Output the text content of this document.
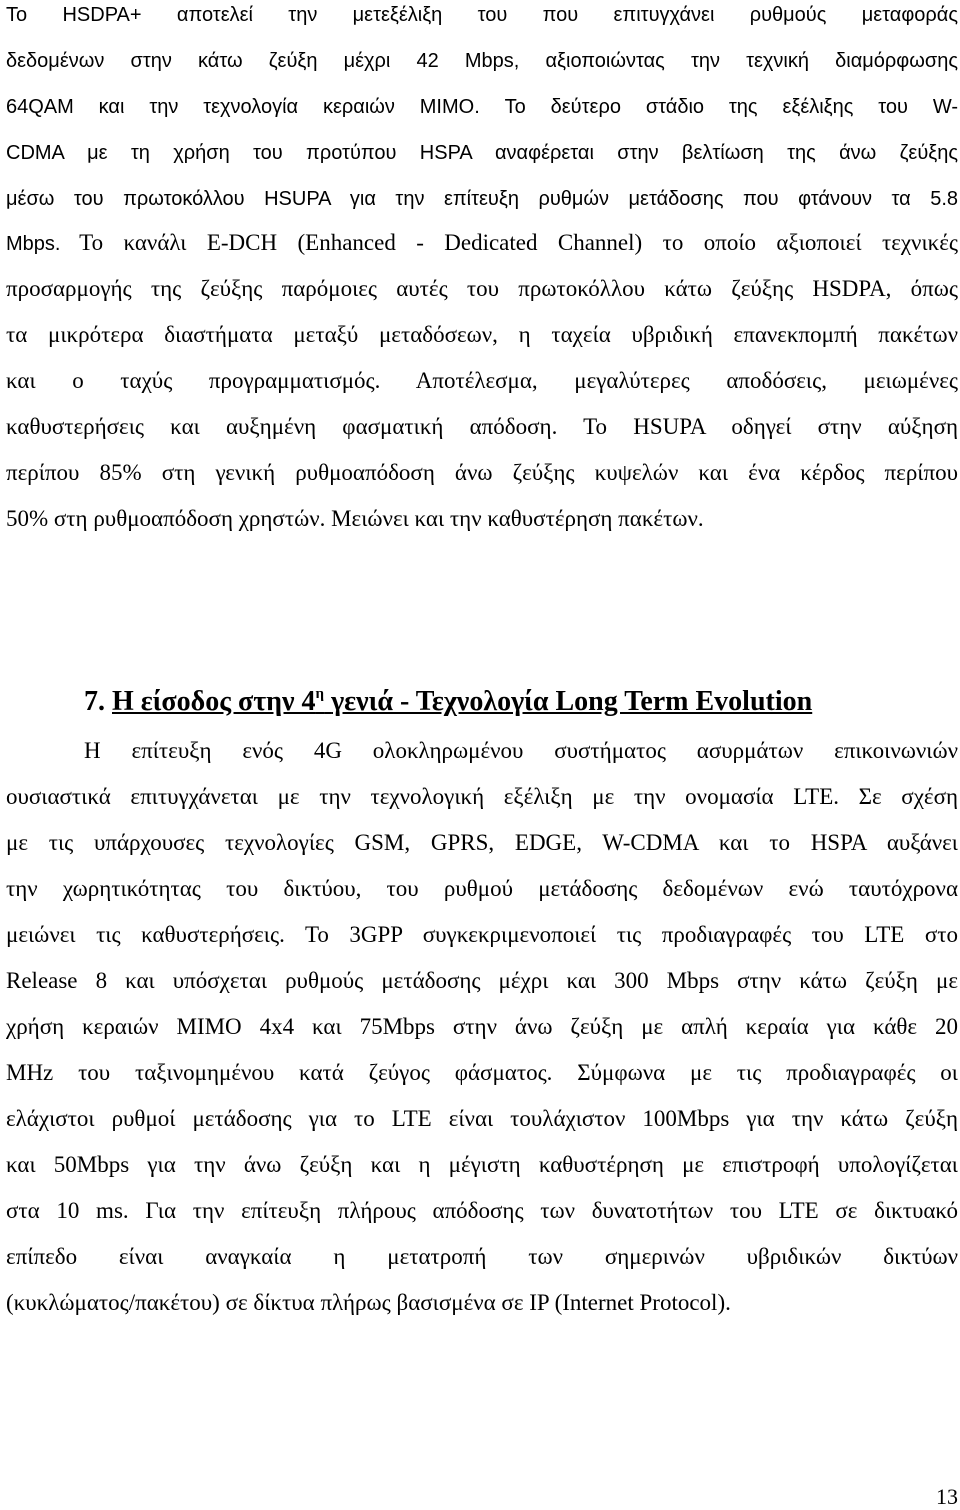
Το HSDPA+ αποτελεί την μετεξέλιξη του που επιτυγχάνει ρυθμούς μεταφοράς
δεδομένων στην κάτω ζεύξη μέχρι 42 Mbps, αξιοποιώντας την τεχνική διαμόρφωσης
64QAM και την τεχνολογία κεραιών MIMO. Το δεύτερο στάδιο της εξέλιξης του W-
CDMA με τη χρήση του προτύπου HSPA αναφέρεται στην βελτίωση της άνω ζεύξης
μέσω του πρωτοκόλλου HSUPA για την επίτευξη ρυθμών μετάδοσης που φτάνουν τα 5.8
Mbps. Το κανάλι E-DCH (Enhanced - Dedicated Channel) το οποίο αξιοποιεί τεχνικές
προσαρμογής της ζεύξης παρόμοιες αυτές του πρωτοκόλλου κάτω ζεύξης HSDPA, όπως
τα μικρότερα διαστήματα μεταξύ μεταδόσεων, η ταχεία υβριδική επανεκπομπή πακέτων
και ο ταχύς προγραμματισμός. Αποτέλεσμα, μεγαλύτερες αποδόσεις, μειωμένες
καθυστερήσεις και αυξημένη φασματική απόδοση. Το HSUPA οδηγεί στην αύξηση
περίπου 85% στη γενική ρυθμοαπόδοση άνω ζεύξης κυψελών και ένα κέρδος περίπου
50% στη ρυθμοαπόδοση χρηστών. Μειώνει και την καθυστέρηση πακέτων.
7. Η είσοδος στην $4^\eta$ γενιά - Τεχνολογία Long Term Evolution
Η επίτευξη ενός 4G ολοκληρωμένου συστήματος ασυρμάτων επικοινωνιών
ουσιαστικά επιτυγχάνεται με την τεχνολογική εξέλιξη με την ονομασία LTE. Σε σχέση
με τις υπάρχουσες τεχνολογίες GSM, GPRS, EDGE, W-CDMA και το HSPA αυξάνει
την χωρητικότητας του δικτύου, του ρυθμού μετάδοσης δεδομένων ενώ ταυτόχρονα
μειώνει τις καθυστερήσεις. Το 3GPP συγκεκριμενοποιεί τις προδιαγραφές του LTE στο
Release 8 και υπόσχεται ρυθμούς μετάδοσης μέχρι και 300 Mbps στην κάτω ζεύξη με
χρήση κεραιών MIMO 4x4 και 75Mbps στην άνω ζεύξη με απλή κεραία για κάθε 20
MHz του ταξινομημένου κατά ζεύγος φάσματος. Σύμφωνα με τις προδιαγραφές οι
ελάχιστοι ρυθμοί μετάδοσης για το LTE είναι τουλάχιστον 100Mbps για την κάτω ζεύξη
και 50Mbps για την άνω ζεύξη και η μέγιστη καθυστέρηση με επιστροφή υπολογίζεται
στα 10 ms. Για την επίτευξη πλήρους απόδοσης των δυνατοτήτων του LTE σε δικτυακό
επίπεδο είναι αναγκαία η μετατροπή των σημερινών υβριδικών δικτύων
(κυκλώματος/πακέτου) σε δίκτυα πλήρως βασισμένα σε IP (Internet Protocol).
13
